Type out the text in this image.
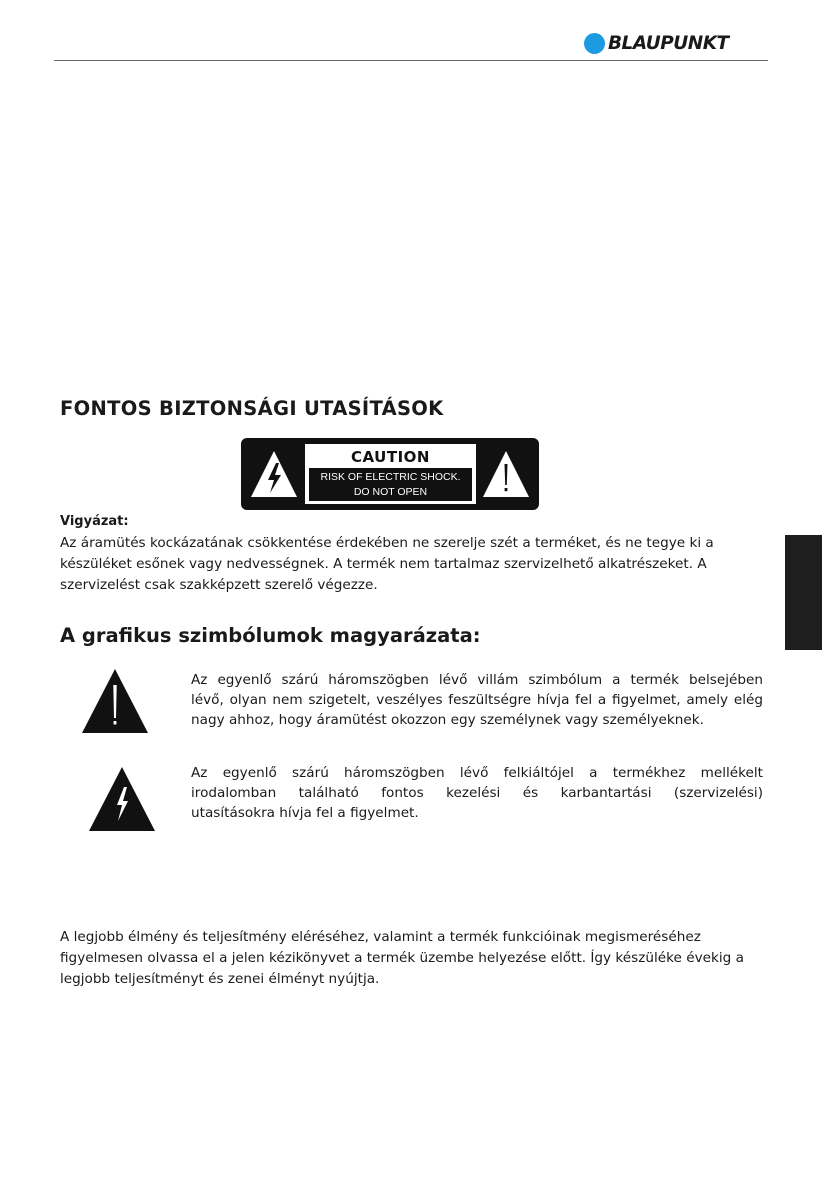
BLAUPUNKT
FONTOS BIZTONSÁGI UTASÍTÁSOK
CAUTION
RISK OF ELECTRIC SHOCK.
DO NOT OPEN
Vigyázat:
Az áramütés kockázatának csökkentése érdekében ne szerelje szét a terméket, és ne tegye ki a
készüléket esőnek vagy nedvességnek. A termék nem tartalmaz szervizelhető alkatrészeket. A
szervizelést csak szakképzett szerelő végezze.
A grafikus szimbólumok magyarázata:
Az egyenlő szárú háromszögben lévő villám szimbólum a termék belsejében
lévő, olyan nem szigetelt, veszélyes feszültségre hívja fel a figyelmet, amely elég
nagy ahhoz, hogy áramütést okozzon egy személynek vagy személyeknek.
Az egyenlő szárú háromszögben lévő felkiáltójel a termékhez mellékelt
irodalomban található fontos kezelési és karbantartási (szervizelési)
utasításokra hívja fel a figyelmet.
A legjobb élmény és teljesítmény eléréséhez, valamint a termék funkcióinak megismeréséhez
figyelmesen olvassa el a jelen kézikönyvet a termék üzembe helyezése előtt. Így készüléke évekig a
legjobb teljesítményt és zenei élményt nyújtja.
